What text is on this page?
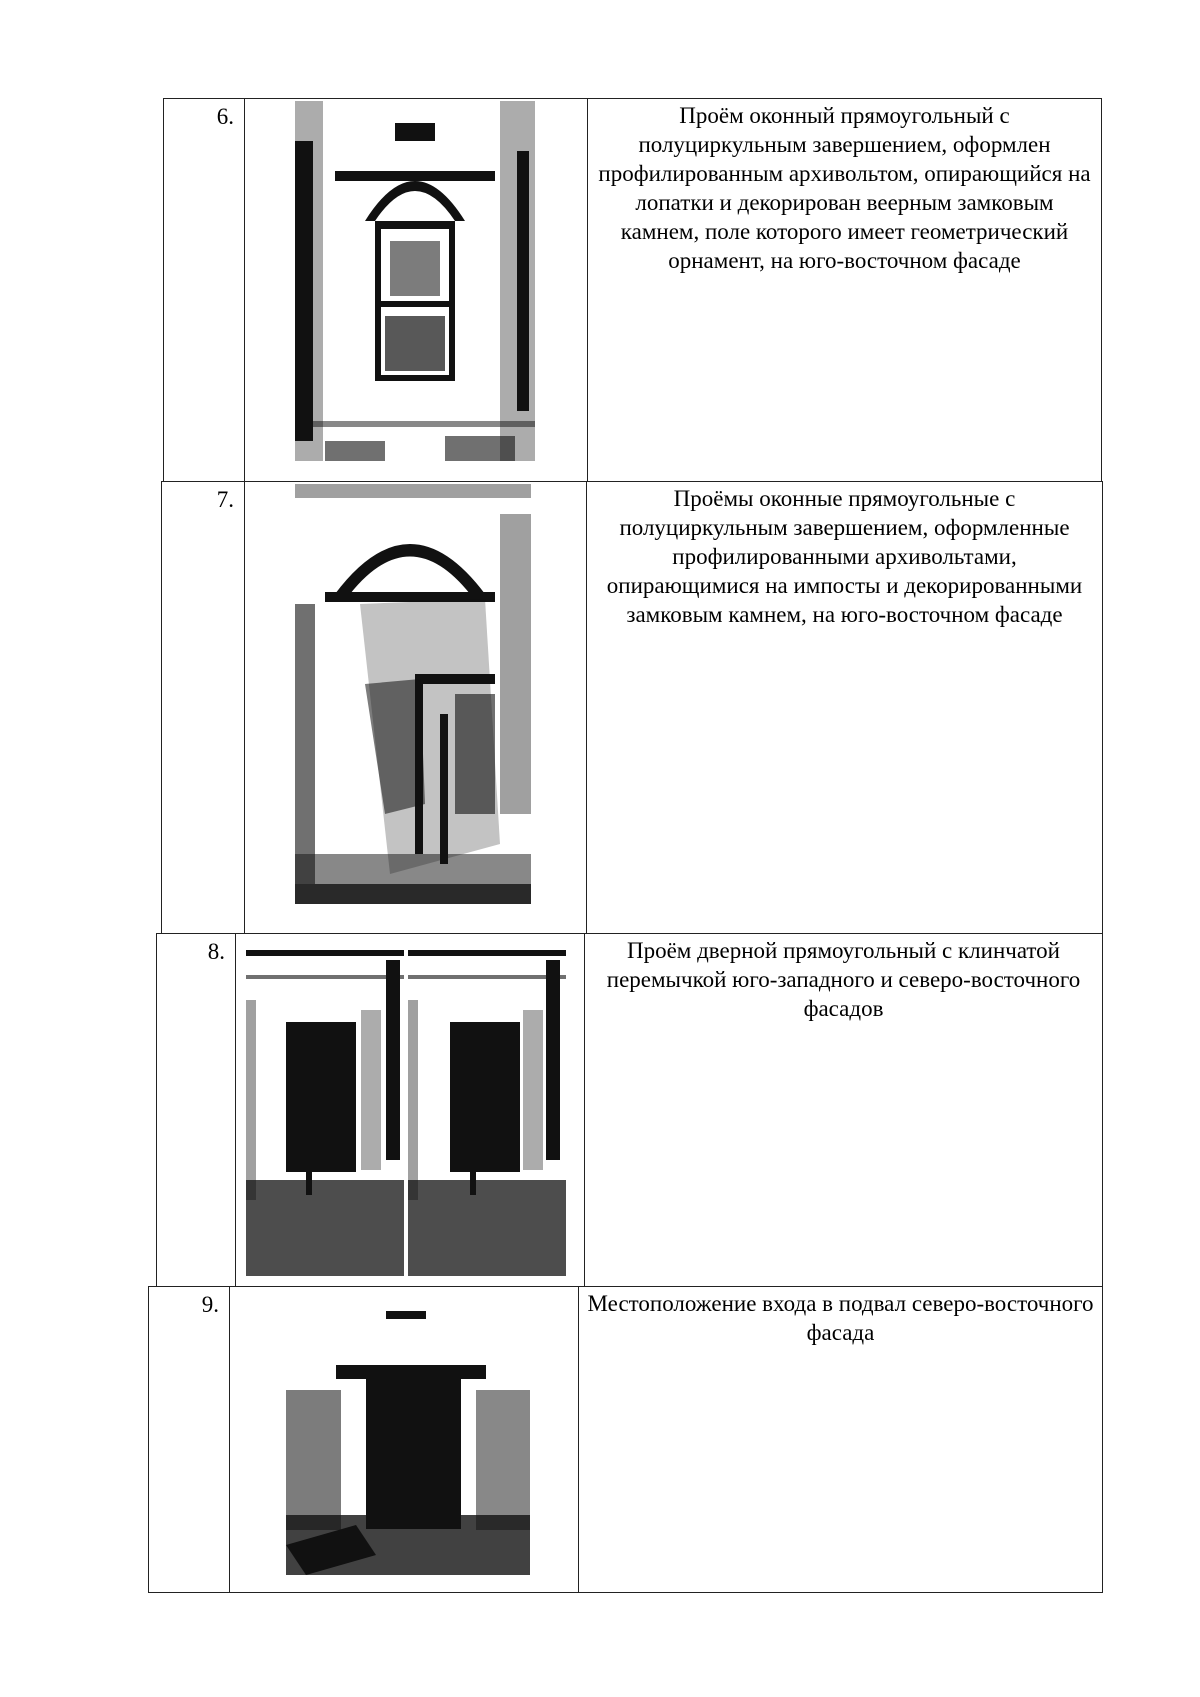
6.	Проём оконный прямоугольный с полуциркульным завершением, оформлен профилированным архивольтом, опирающийся на лопатки и декорирован веерным замковым камнем, поле которого имеет геометрический орнамент, на юго-восточном фасаде
7.	Проёмы оконные прямоугольные с полуциркульным завершением, оформленные профилированными архивольтами, опирающимися на импосты и декорированными замковым камнем, на юго-восточном фасаде
8.	Проём дверной прямоугольный с клинчатой перемычкой юго-западного и северо-восточного фасадов
9.	Местоположение входа в подвал северо-восточного фасада
